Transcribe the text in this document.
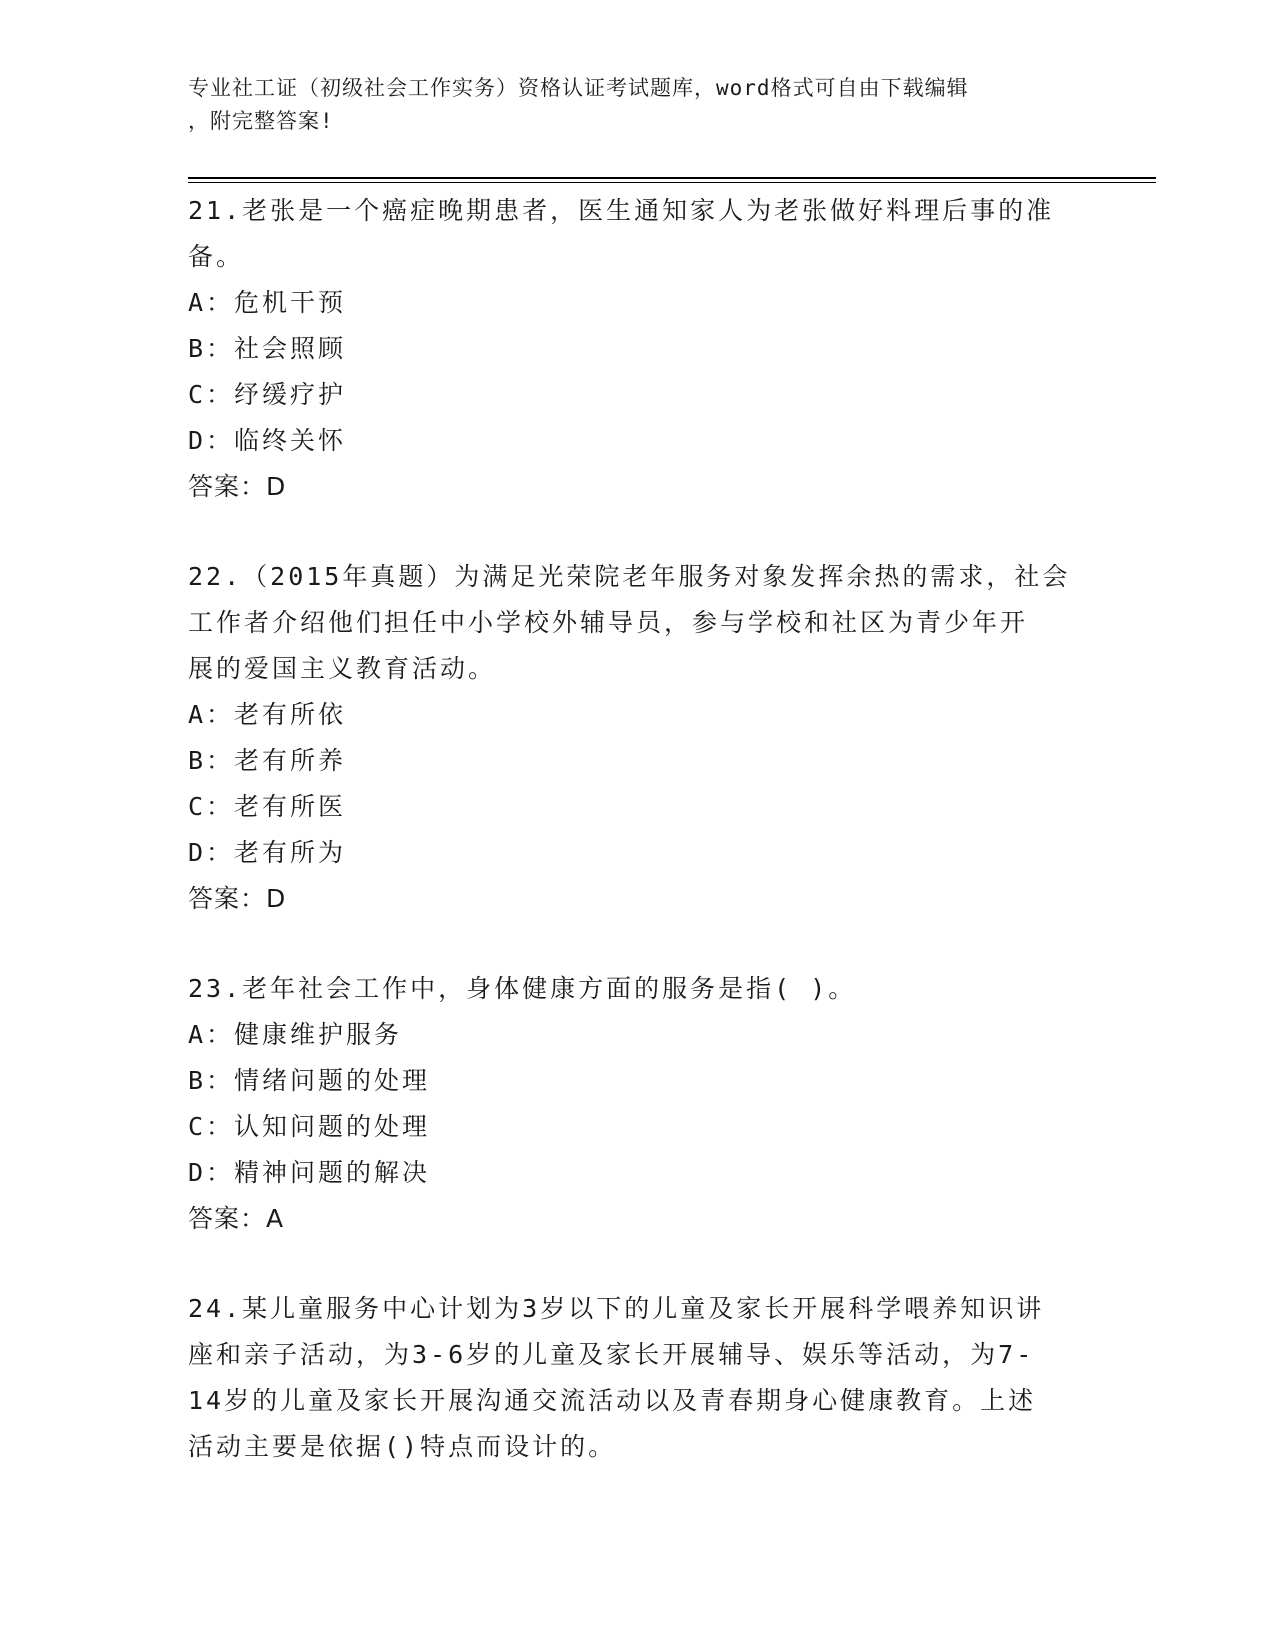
专业社工证（初级社会工作实务）资格认证考试题库，word格式可自由下载编辑
，附完整答案!
21.老张是一个癌症晚期患者，医生通知家人为老张做好料理后事的准
备。
A：危机干预
B：社会照顾
C：纾缓疗护
D：临终关怀
答案：D
22.（2015年真题）为满足光荣院老年服务对象发挥余热的需求，社会
工作者介绍他们担任中小学校外辅导员，参与学校和社区为青少年开
展的爱国主义教育活动。
A：老有所依
B：老有所养
C：老有所医
D：老有所为
答案：D
23.老年社会工作中，身体健康方面的服务是指( )。
A：健康维护服务
B：情绪问题的处理
C：认知问题的处理
D：精神问题的解决
答案：A
24.某儿童服务中心计划为3岁以下的儿童及家长开展科学喂养知识讲
座和亲子活动，为3-6岁的儿童及家长开展辅导、娱乐等活动，为7-
14岁的儿童及家长开展沟通交流活动以及青春期身心健康教育。上述
活动主要是依据()特点而设计的。
